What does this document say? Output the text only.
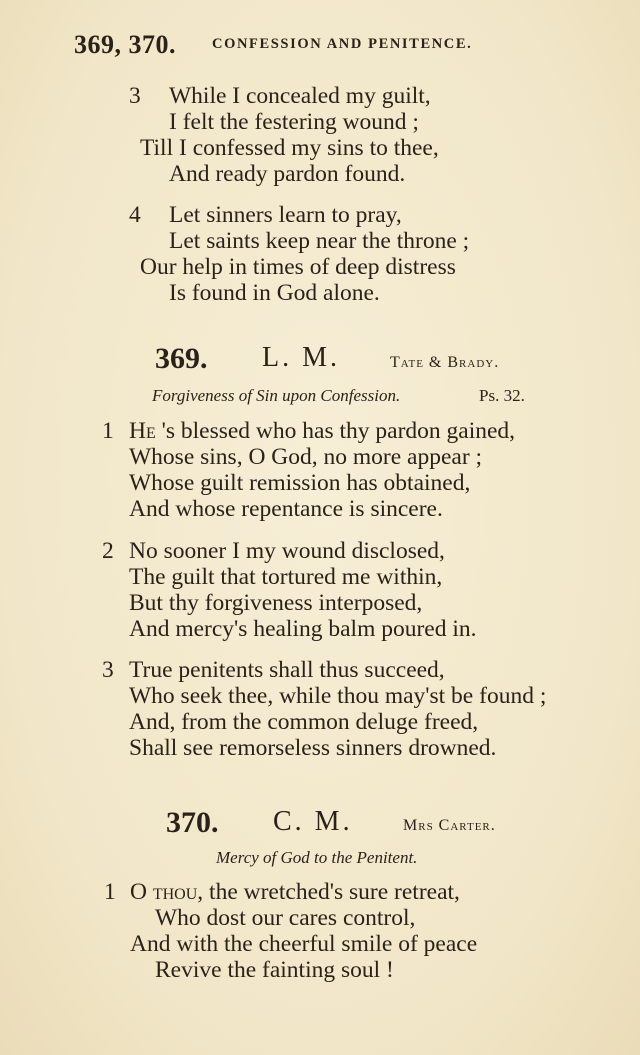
369, 370. CONFESSION AND PENITENCE.
3 While I concealed my guilt,
I felt the festering wound ;
Till I confessed my sins to thee,
And ready pardon found.
4 Let sinners learn to pray,
Let saints keep near the throne ;
Our help in times of deep distress
Is found in God alone.
369. L. M.	Tate & Brady.
Forgiveness of Sin upon Confession.	Ps. 32.
1 He 's blessed who has thy pardon gained,
Whose sins, O God, no more appear ;
Whose guilt remission has obtained,
And whose repentance is sincere.
2 No sooner I my wound disclosed,
The guilt that tortured me within,
But thy forgiveness interposed,
And mercy's healing balm poured in.
3 True penitents shall thus succeed,
Who seek thee, while thou may'st be found ;
And, from the common deluge freed,
Shall see remorseless sinners drowned.
370. C. M.	Mrs Carter.
Mercy of God to the Penitent.
1 O thou, the wretched's sure retreat,
Who dost our cares control,
And with the cheerful smile of peace
Revive the fainting soul !
